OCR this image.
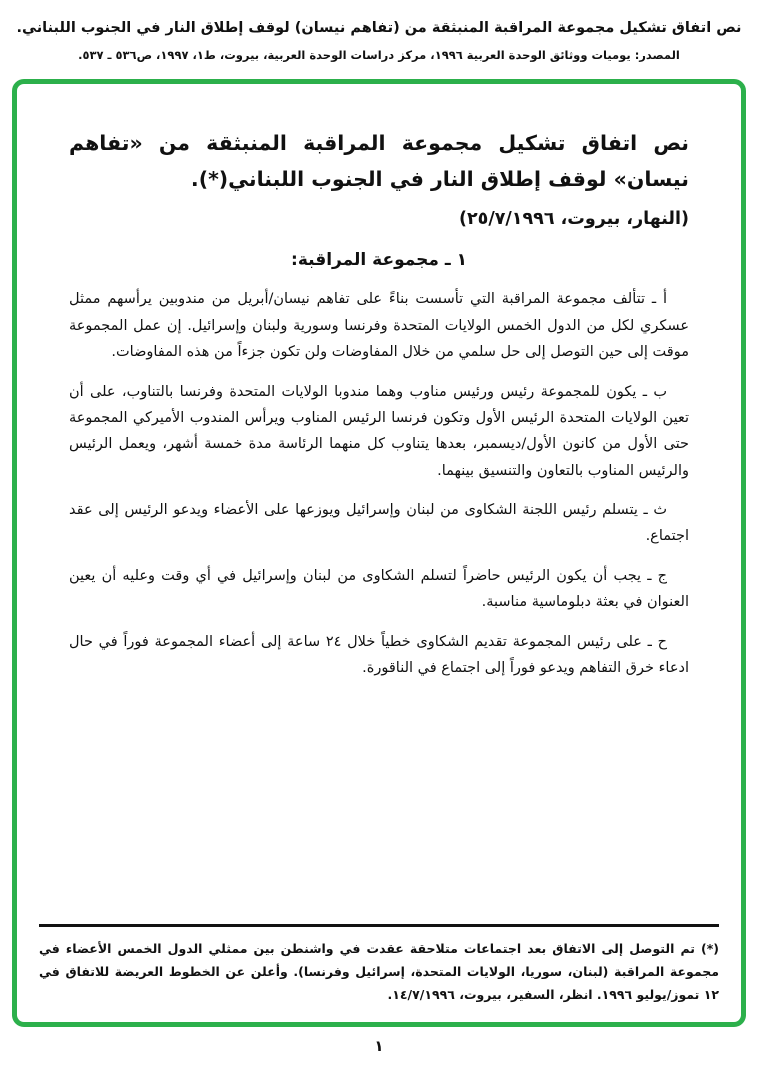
نص اتفاق تشكيل مجموعة المراقبة المنبثقة من (تفاهم نيسان) لوقف إطلاق النار في الجنوب اللبناني.
المصدر: يوميات ووثائق الوحدة العربية ١٩٩٦، مركز دراسات الوحدة العربية، بيروت، ط١، ١٩٩٧، ص٥٣٦ ـ ٥٣٧.
نص اتفاق تشكيل مجموعة المراقبة المنبثقة من «تفاهم نيسان» لوقف إطلاق النار في الجنوب اللبناني(*).
(النهار، بيروت، ٢٥/٧/١٩٩٦)
١ ـ مجموعة المراقبة:

أ ـ تتألف مجموعة المراقبة التي تأسست بناءً على تفاهم نيسان/أبريل من مندوبين يرأسهم ممثل عسكري لكل من الدول الخمس الولايات المتحدة وفرنسا وسورية ولبنان وإسرائيل. إن عمل المجموعة موقت إلى حين التوصل إلى حل سلمي من خلال المفاوضات ولن تكون جزءاً من هذه المفاوضات.

ب ـ يكون للمجموعة رئيس ورئيس مناوب وهما مندوبا الولايات المتحدة وفرنسا بالتناوب، على أن تعين الولايات المتحدة الرئيس الأول وتكون فرنسا الرئيس المناوب ويرأس المندوب الأميركي المجموعة حتى الأول من كانون الأول/ديسمبر، بعدها يتناوب كل منهما الرئاسة مدة خمسة أشهر، ويعمل الرئيس والرئيس المناوب بالتعاون والتنسيق بينهما.

ث ـ يتسلم رئيس اللجنة الشكاوى من لبنان وإسرائيل ويوزعها على الأعضاء ويدعو الرئيس إلى عقد اجتماع.

ج ـ يجب أن يكون الرئيس حاضراً لتسلم الشكاوى من لبنان وإسرائيل في أي وقت وعليه أن يعين العنوان في بعثة دبلوماسية مناسبة.

ح ـ على رئيس المجموعة تقديم الشكاوى خطياً خلال ٢٤ ساعة إلى أعضاء المجموعة فوراً في حال ادعاء خرق التفاهم ويدعو فوراً إلى اجتماع في الناقورة.

(*) تم التوصل إلى الاتفاق بعد اجتماعات متلاحقة عقدت في واشنطن بين ممثلي الدول الخمس الأعضاء في مجموعة المراقبة (لبنان، سوريا، الولايات المتحدة، إسرائيل وفرنسا). وأعلن عن الخطوط العريضة للاتفاق في ١٢ تموز/يوليو ١٩٩٦. انظر، السفير، بيروت، ١٤/٧/١٩٩٦.

١
